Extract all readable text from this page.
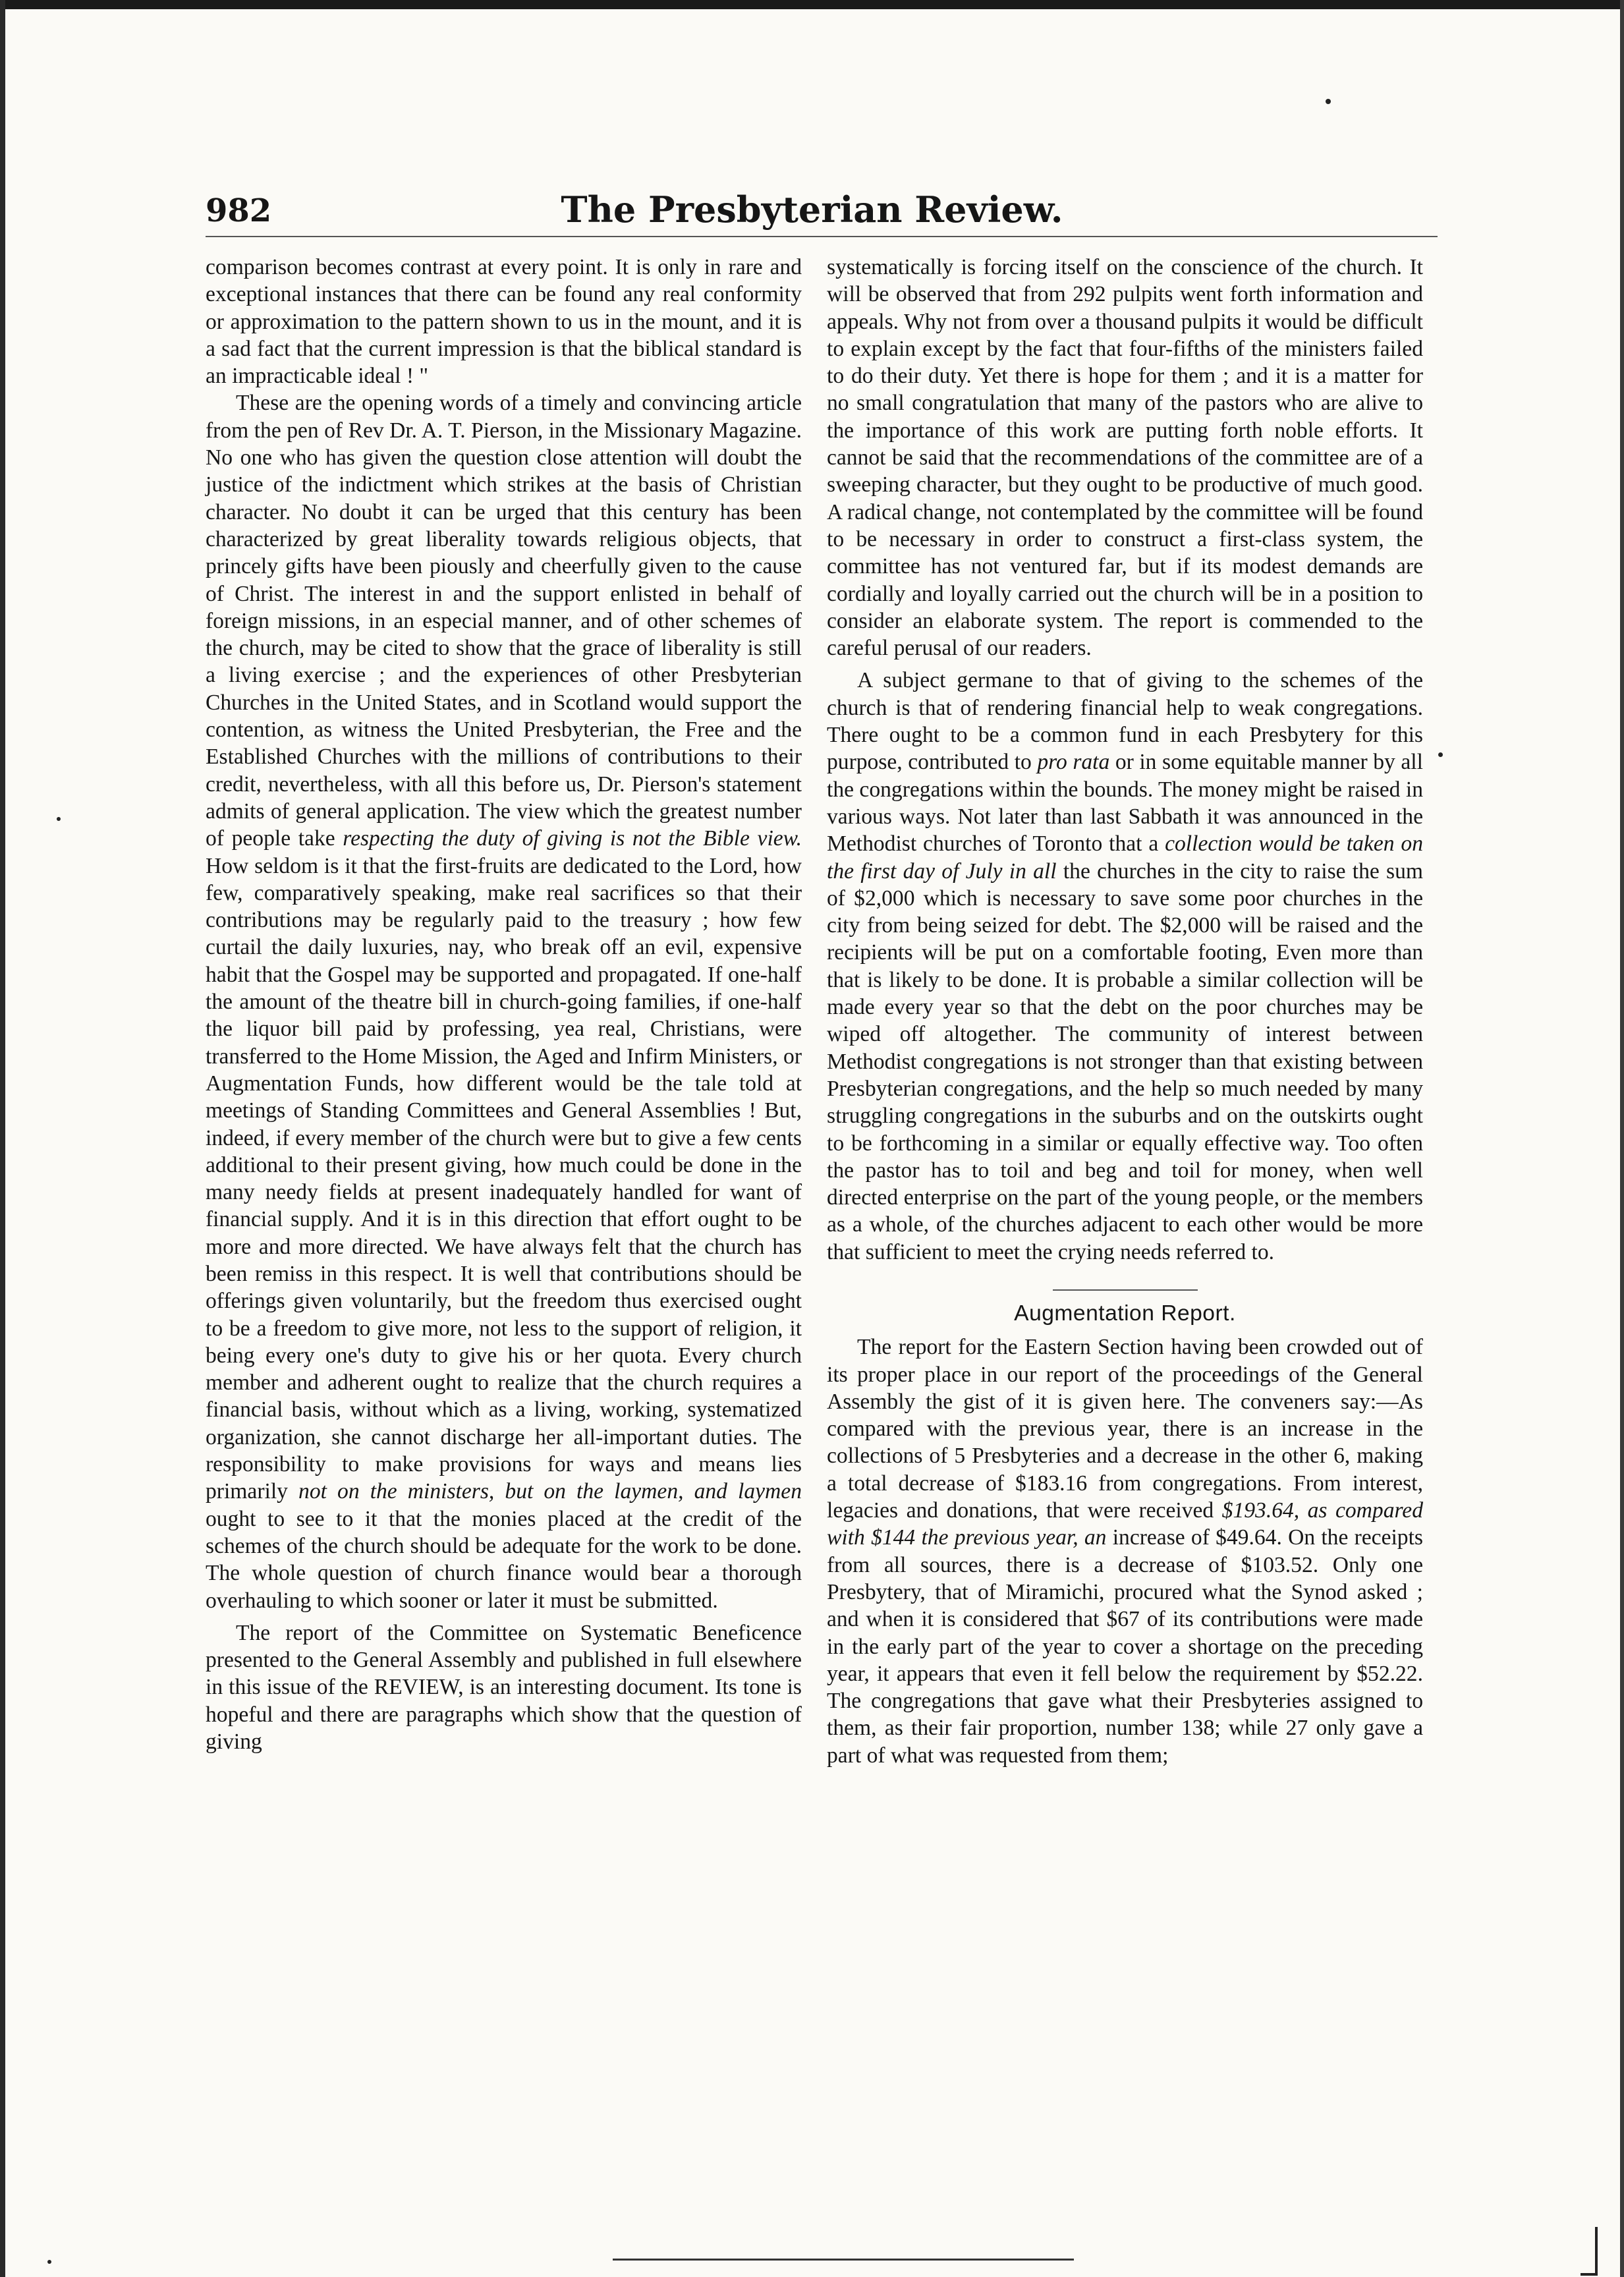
982	The Presbyterian Review.

comparison becomes contrast at every point. It is only in rare and exceptional instances that there can be found any real conformity or approximation to the pattern shown to us in the mount, and it is a sad fact that the current impression is that the biblical standard is an impracticable ideal ! "

These are the opening words of a timely and convincing article from the pen of Rev Dr. A. T. Pierson, in the Missionary Magazine. No one who has given the question close attention will doubt the justice of the indictment which strikes at the basis of Christian character. No doubt it can be urged that this century has been characterized by great liberality towards religious objects, that princely gifts have been piously and cheerfully given to the cause of Christ. The interest in and the support enlisted in behalf of foreign missions, in an especial manner, and of other schemes of the church, may be cited to show that the grace of liberality is still a living exercise ; and the experiences of other Presbyterian Churches in the United States, and in Scotland would support the contention, as witness the United Presbyterian, the Free and the Established Churches with the millions of contributions to their credit, nevertheless, with all this before us, Dr. Pierson's statement admits of general application. The view which the greatest number of people take respecting the duty of giving is not the Bible view. How seldom is it that the first-fruits are dedicated to the Lord, how few, comparatively speaking, make real sacrifices so that their contributions may be regularly paid to the treasury ; how few curtail the daily luxuries, nay, who break off an evil, expensive habit that the Gospel may be supported and propagated. If one-half the amount of the theatre bill in church-going families, if one-half the liquor bill paid by professing, yea real, Christians, were transferred to the Home Mission, the Aged and Infirm Ministers, or Augmentation Funds, how different would be the tale told at meetings of Standing Committees and General Assemblies ! But, indeed, if every member of the church were but to give a few cents additional to their present giving, how much could be done in the many needy fields at present inadequately handled for want of financial supply. And it is in this direction that effort ought to be more and more directed. We have always felt that the church has been remiss in this respect. It is well that contributions should be offerings given voluntarily, but the freedom thus exercised ought to be a freedom to give more, not less to the support of religion, it being every one's duty to give his or her quota. Every church member and adherent ought to realize that the church requires a financial basis, without which as a living, working, systematized organization, she cannot discharge her all-important duties. The responsibility to make provisions for ways and means lies primarily not on the ministers, but on the laymen, and laymen ought to see to it that the monies placed at the credit of the schemes of the church should be adequate for the work to be done. The whole question of church finance would bear a thorough overhauling to which sooner or later it must be submitted.

The report of the Committee on Systematic Beneficence presented to the General Assembly and published in full elsewhere in this issue of the REVIEW, is an interesting document. Its tone is hopeful and there are paragraphs which show that the question of giving

systematically is forcing itself on the conscience of the church. It will be observed that from 292 pulpits went forth information and appeals. Why not from over a thousand pulpits it would be difficult to explain except by the fact that four-fifths of the ministers failed to do their duty. Yet there is hope for them ; and it is a matter for no small congratulation that many of the pastors who are alive to the importance of this work are putting forth noble efforts. It cannot be said that the recommendations of the committee are of a sweeping character, but they ought to be productive of much good. A radical change, not contemplated by the committee will be found to be necessary in order to construct a first-class system, the committee has not ventured far, but if its modest demands are cordially and loyally carried out the church will be in a position to consider an elaborate system. The report is commended to the careful perusal of our readers.

A subject germane to that of giving to the schemes of the church is that of rendering financial help to weak congregations. There ought to be a common fund in each Presbytery for this purpose, contributed to pro rata or in some equitable manner by all the congregations within the bounds. The money might be raised in various ways. Not later than last Sabbath it was announced in the Methodist churches of Toronto that a collection would be taken on the first day of July in all the churches in the city to raise the sum of $2,000 which is necessary to save some poor churches in the city from being seized for debt. The $2,000 will be raised and the recipients will be put on a comfortable footing, Even more than that is likely to be done. It is probable a similar collection will be made every year so that the debt on the poor churches may be wiped off altogether. The community of interest between Methodist congregations is not stronger than that existing between Presbyterian congregations, and the help so much needed by many struggling congregations in the suburbs and on the outskirts ought to be forthcoming in a similar or equally effective way. Too often the pastor has to toil and beg and toil for money, when well directed enterprise on the part of the young people, or the members as a whole, of the churches adjacent to each other would be more that sufficient to meet the crying needs referred to.

Augmentation Report.

The report for the Eastern Section having been crowded out of its proper place in our report of the proceedings of the General Assembly the gist of it is given here. The conveners say:—As compared with the previous year, there is an increase in the collections of 5 Presbyteries and a decrease in the other 6, making a total decrease of $183.16 from congregations. From interest, legacies and donations, that were received $193.64, as compared with $144 the previous year, an increase of $49.64. On the receipts from all sources, there is a decrease of $103.52. Only one Presbytery, that of Miramichi, procured what the Synod asked ; and when it is considered that $67 of its contributions were made in the early part of the year to cover a shortage on the preceding year, it appears that even it fell below the requirement by $52.22. The congregations that gave what their Presbyteries assigned to them, as their fair proportion, number 138; while 27 only gave a part of what was requested from them;
